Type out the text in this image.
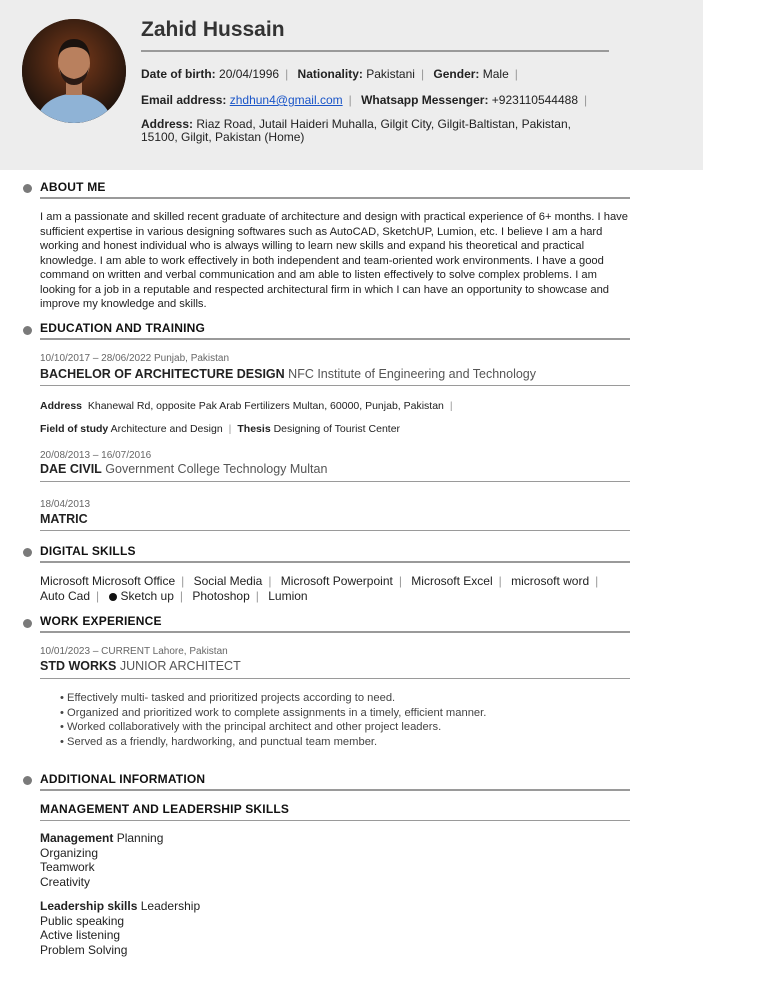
Zahid Hussain
Date of birth: 20/04/1996 | Nationality: Pakistani | Gender: Male |
Email address: zhdhun4@gmail.com | Whatsapp Messenger: +923110544488 |
Address: Riaz Road, Jutail Haideri Muhalla, Gilgit City, Gilgit-Baltistan, Pakistan, 15100, Gilgit, Pakistan (Home)
ABOUT ME
I am a passionate and skilled recent graduate of architecture and design with practical experience of 6+ months. I have sufficient expertise in various designing softwares such as AutoCAD, SketchUP, Lumion, etc. I believe I am a hard working and honest individual who is always willing to learn new skills and expand his theoretical and practical knowledge. I am able to work effectively in both independent and team-oriented work environments. I have a good command on written and verbal communication and am able to listen effectively to solve complex problems. I am looking for a job in a reputable and respected architectural firm in which I can have an opportunity to showcase and improve my knowledge and skills.
EDUCATION AND TRAINING
10/10/2017 – 28/06/2022 Punjab, Pakistan
BACHELOR OF ARCHITECTURE DESIGN NFC Institute of Engineering and Technology
Address Khanewal Rd, opposite Pak Arab Fertilizers Multan, 60000, Punjab, Pakistan |
Field of study Architecture and Design | Thesis Designing of Tourist Center
20/08/2013 – 16/07/2016
DAE CIVIL Government College Technology Multan
18/04/2013
MATRIC
DIGITAL SKILLS
Microsoft Microsoft Office | Social Media | Microsoft Powerpoint | Microsoft Excel | microsoft word |
Auto Cad | Sketch up | Photoshop | Lumion
WORK EXPERIENCE
10/01/2023 – CURRENT Lahore, Pakistan
STD WORKS JUNIOR ARCHITECT
• Effectively multi- tasked and prioritized projects according to need.
• Organized and prioritized work to complete assignments in a timely, efficient manner.
• Worked collaboratively with the principal architect and other project leaders.
• Served as a friendly, hardworking, and punctual team member.
ADDITIONAL INFORMATION
MANAGEMENT AND LEADERSHIP SKILLS
Management Planning
Organizing
Teamwork
Creativity
Leadership skills Leadership
Public speaking
Active listening
Problem Solving
